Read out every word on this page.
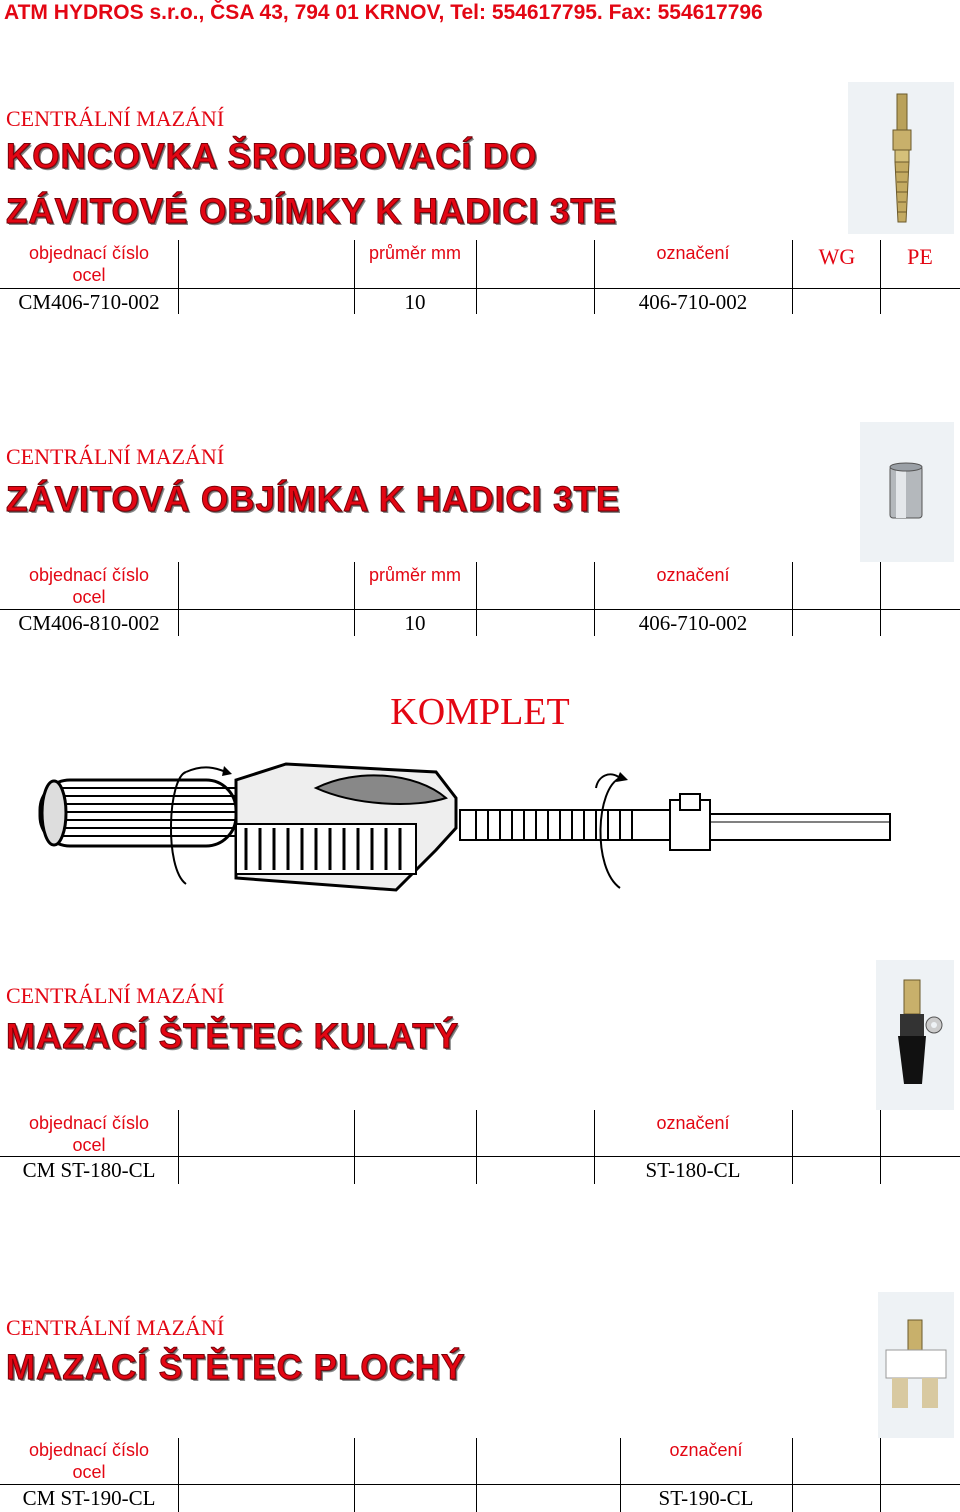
ATM HYDROS s.r.o., ČSA 43, 794 01 KRNOV, Tel: 554617795. Fax: 554617796
CENTRÁLNÍ MAZÁNÍ
KONCOVKA ŠROUBOVACÍ DO
ZÁVITOVÉ OBJÍMKY K HADICI 3TE
objednací číslo
ocel
průměr mm	označení	WG	PE
CM406-710-002	10	406-710-002
CENTRÁLNÍ MAZÁNÍ
ZÁVITOVÁ OBJÍMKA K HADICI 3TE
objednací číslo
ocel
průměr mm	označení
CM406-810-002	10	406-710-002
KOMPLET
CENTRÁLNÍ MAZÁNÍ
MAZACÍ ŠTĚTEC KULATÝ
objednací číslo
ocel
označení
CM ST-180-CL	ST-180-CL
CENTRÁLNÍ MAZÁNÍ
MAZACÍ ŠTĚTEC PLOCHÝ
objednací číslo
ocel
označení
CM ST-190-CL	ST-190-CL
